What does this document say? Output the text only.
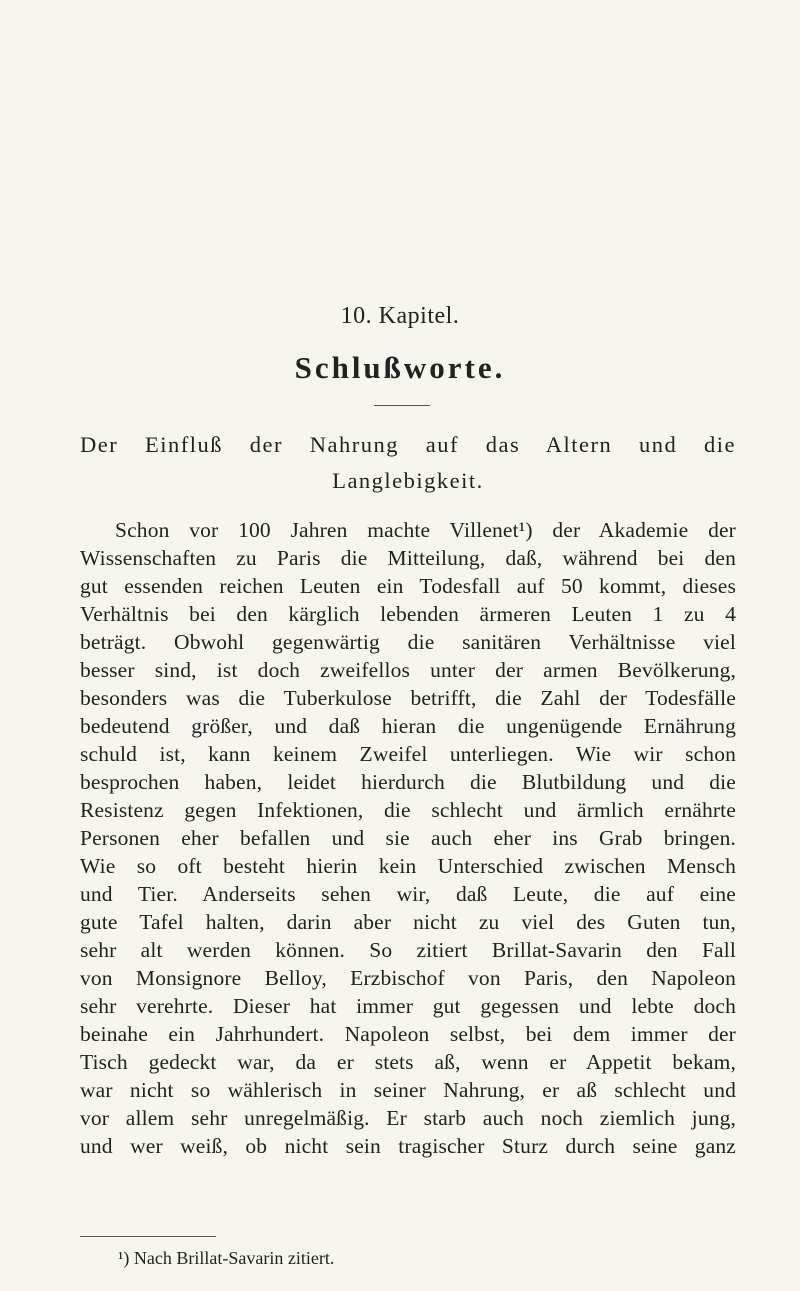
10. Kapitel.
Schlußworte.
Der Einfluß der Nahrung auf das Altern und die
Langlebigkeit.
Schon vor 100 Jahren machte Villenet¹) der Akademie der
Wissenschaften zu Paris die Mitteilung, daß, während bei den
gut essenden reichen Leuten ein Todesfall auf 50 kommt, dieses
Verhältnis bei den kärglich lebenden ärmeren Leuten 1 zu 4
beträgt. Obwohl gegenwärtig die sanitären Verhältnisse viel
besser sind, ist doch zweifellos unter der armen Bevölkerung,
besonders was die Tuberkulose betrifft, die Zahl der Todesfälle
bedeutend größer, und daß hieran die ungenügende Ernährung
schuld ist, kann keinem Zweifel unterliegen. Wie wir schon
besprochen haben, leidet hierdurch die Blutbildung und die
Resistenz gegen Infektionen, die schlecht und ärmlich ernährte
Personen eher befallen und sie auch eher ins Grab bringen.
Wie so oft besteht hierin kein Unterschied zwischen Mensch
und Tier. Anderseits sehen wir, daß Leute, die auf eine
gute Tafel halten, darin aber nicht zu viel des Guten tun,
sehr alt werden können. So zitiert Brillat-Savarin den Fall
von Monsignore Belloy, Erzbischof von Paris, den Napoleon
sehr verehrte. Dieser hat immer gut gegessen und lebte doch
beinahe ein Jahrhundert. Napoleon selbst, bei dem immer der
Tisch gedeckt war, da er stets aß, wenn er Appetit bekam,
war nicht so wählerisch in seiner Nahrung, er aß schlecht und
vor allem sehr unregelmäßig. Er starb auch noch ziemlich jung,
und wer weiß, ob nicht sein tragischer Sturz durch seine ganz
¹) Nach Brillat-Savarin zitiert.
